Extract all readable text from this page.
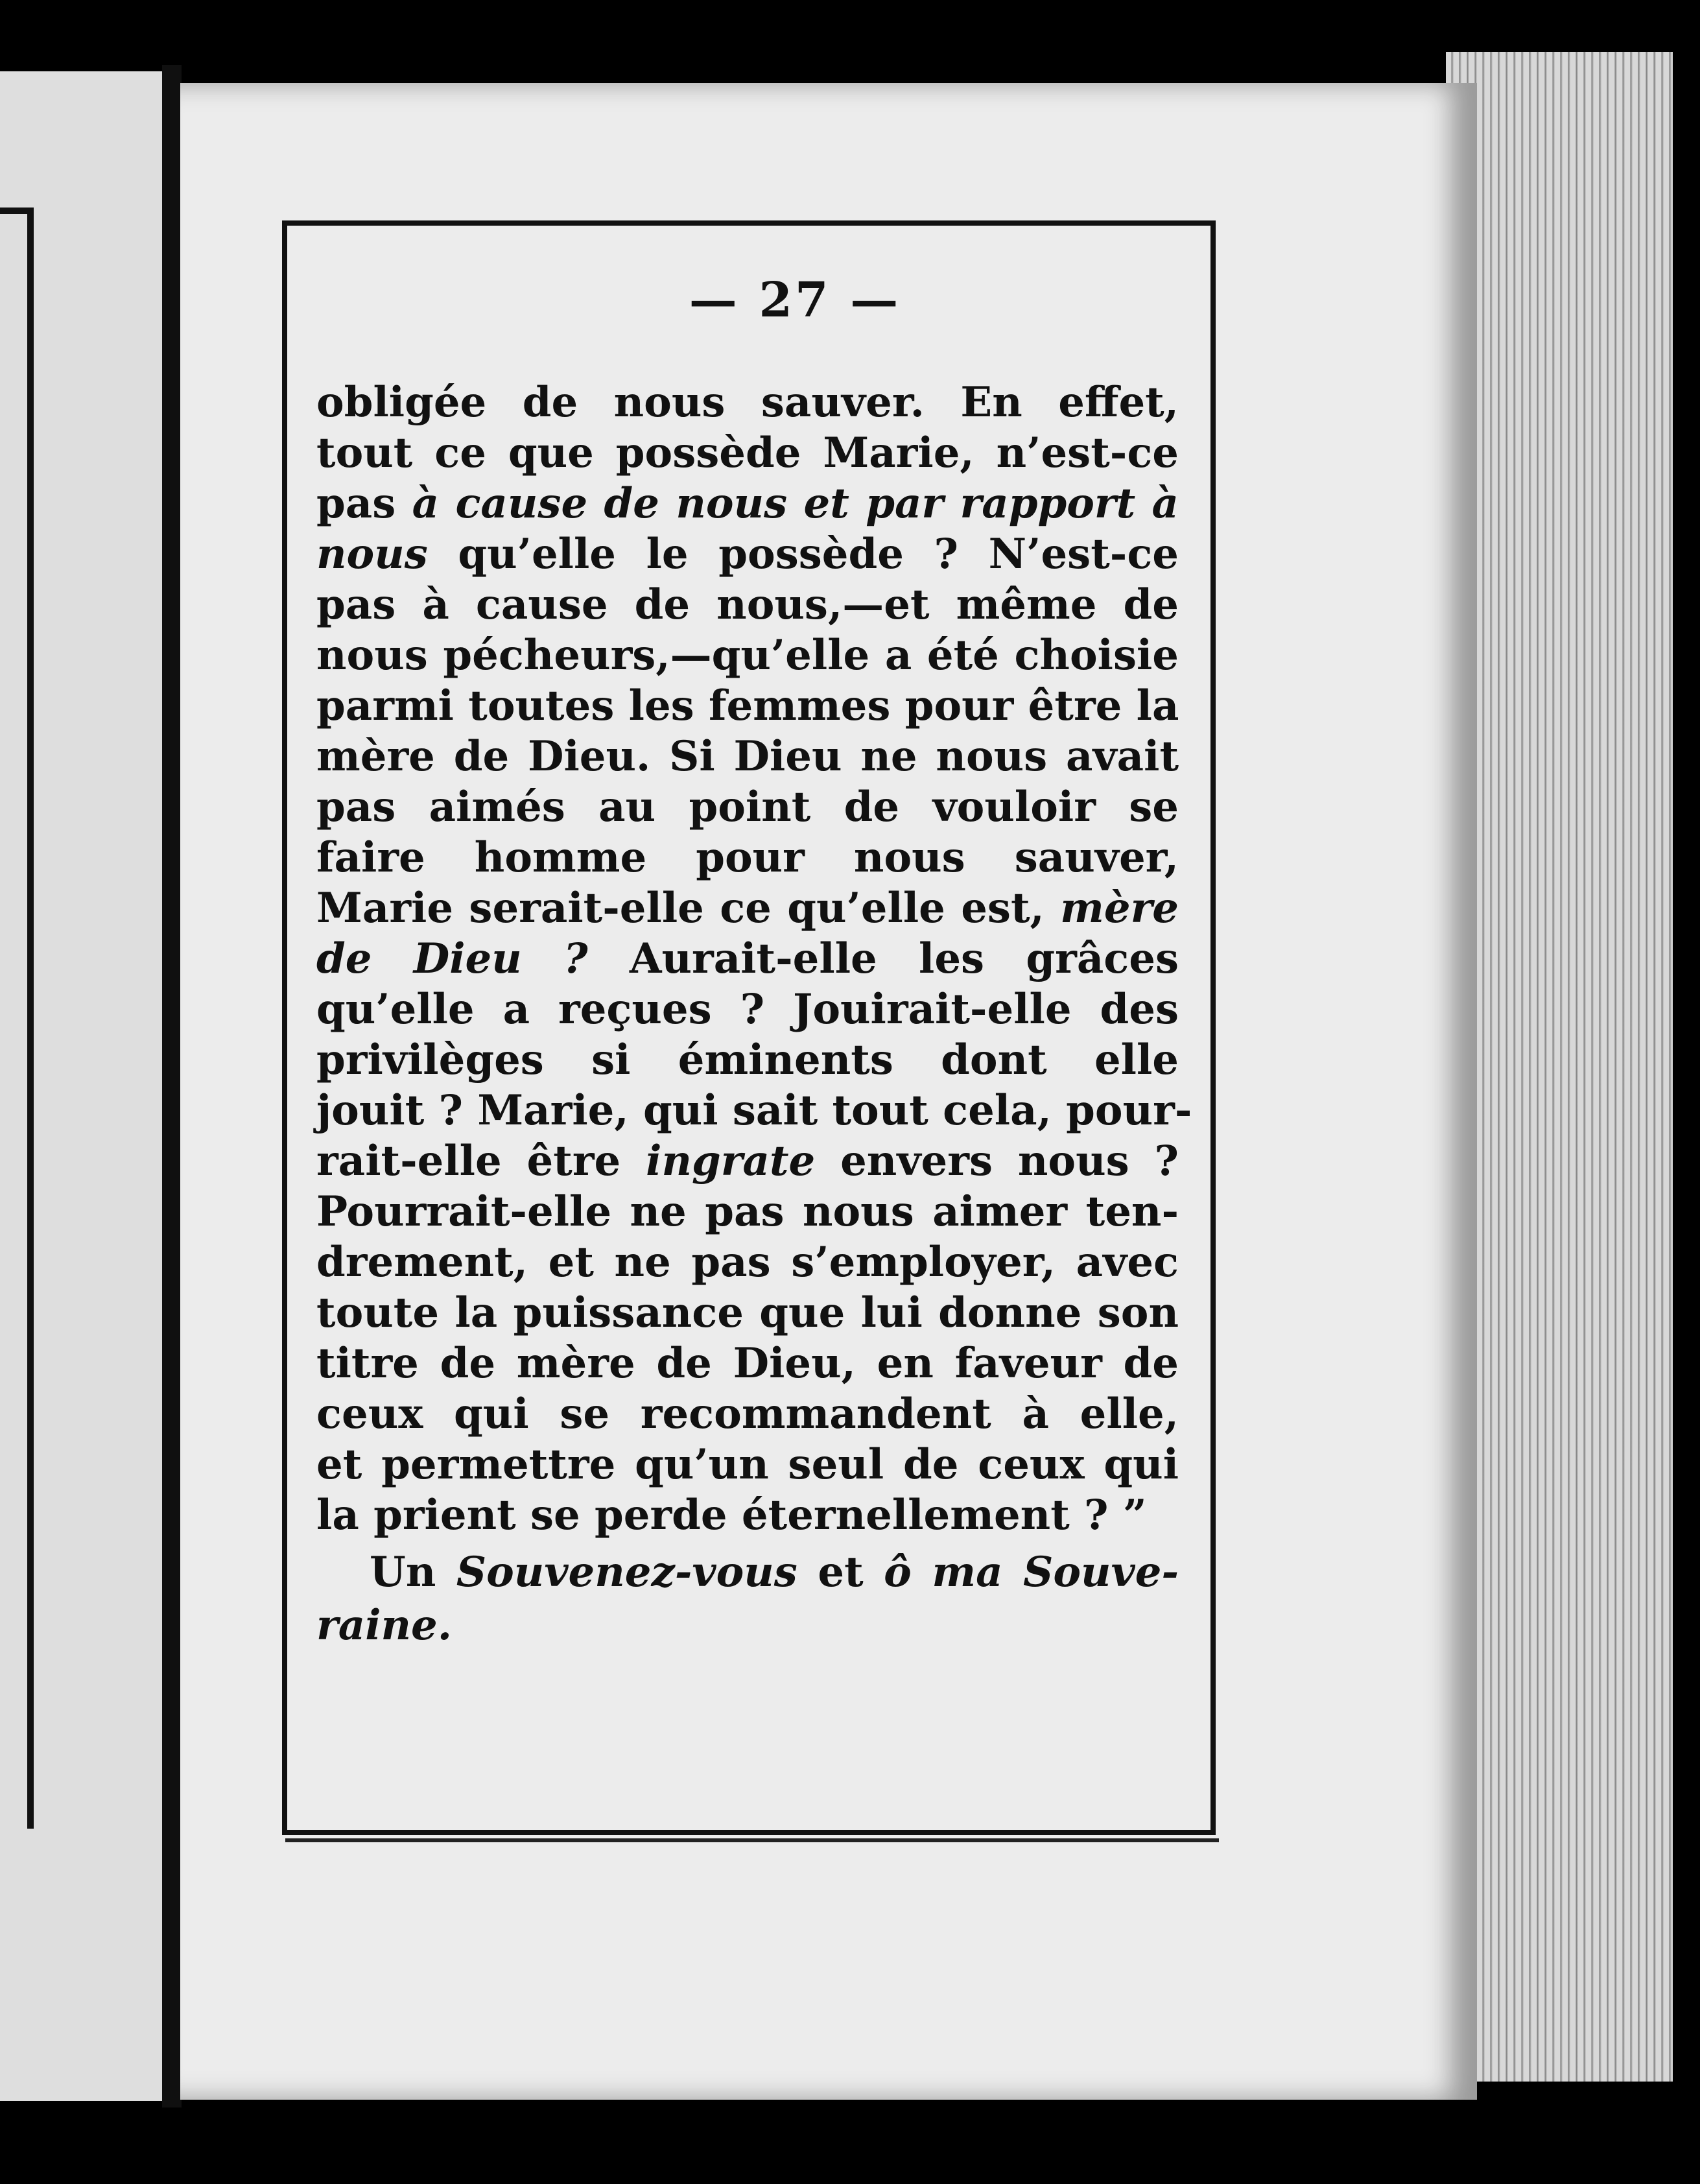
— 27 —
obligée de nous sauver. En effet,
tout ce que possède Marie, n’est-ce
pas à cause de nous et par rapport à
nous qu’elle le possède ? N’est-ce
pas à cause de nous,—et même de
nous pécheurs,—qu’elle a été choisie
parmi toutes les femmes pour être la
mère de Dieu. Si Dieu ne nous avait
pas aimés au point de vouloir se
faire homme pour nous sauver,
Marie serait-elle ce qu’elle est, mère
de Dieu ? Aurait-elle les grâces
qu’elle a reçues ? Jouirait-elle des
privilèges si éminents dont elle
jouit ? Marie, qui sait tout cela, pour-
rait-elle être ingrate envers nous ?
Pourrait-elle ne pas nous aimer ten-
drement, et ne pas s’employer, avec
toute la puissance que lui donne son
titre de mère de Dieu, en faveur de
ceux qui se recommandent à elle,
et permettre qu’un seul de ceux qui
la prient se perde éternellement ? ”
Un Souvenez-vous et ô ma Souve-
raine.
